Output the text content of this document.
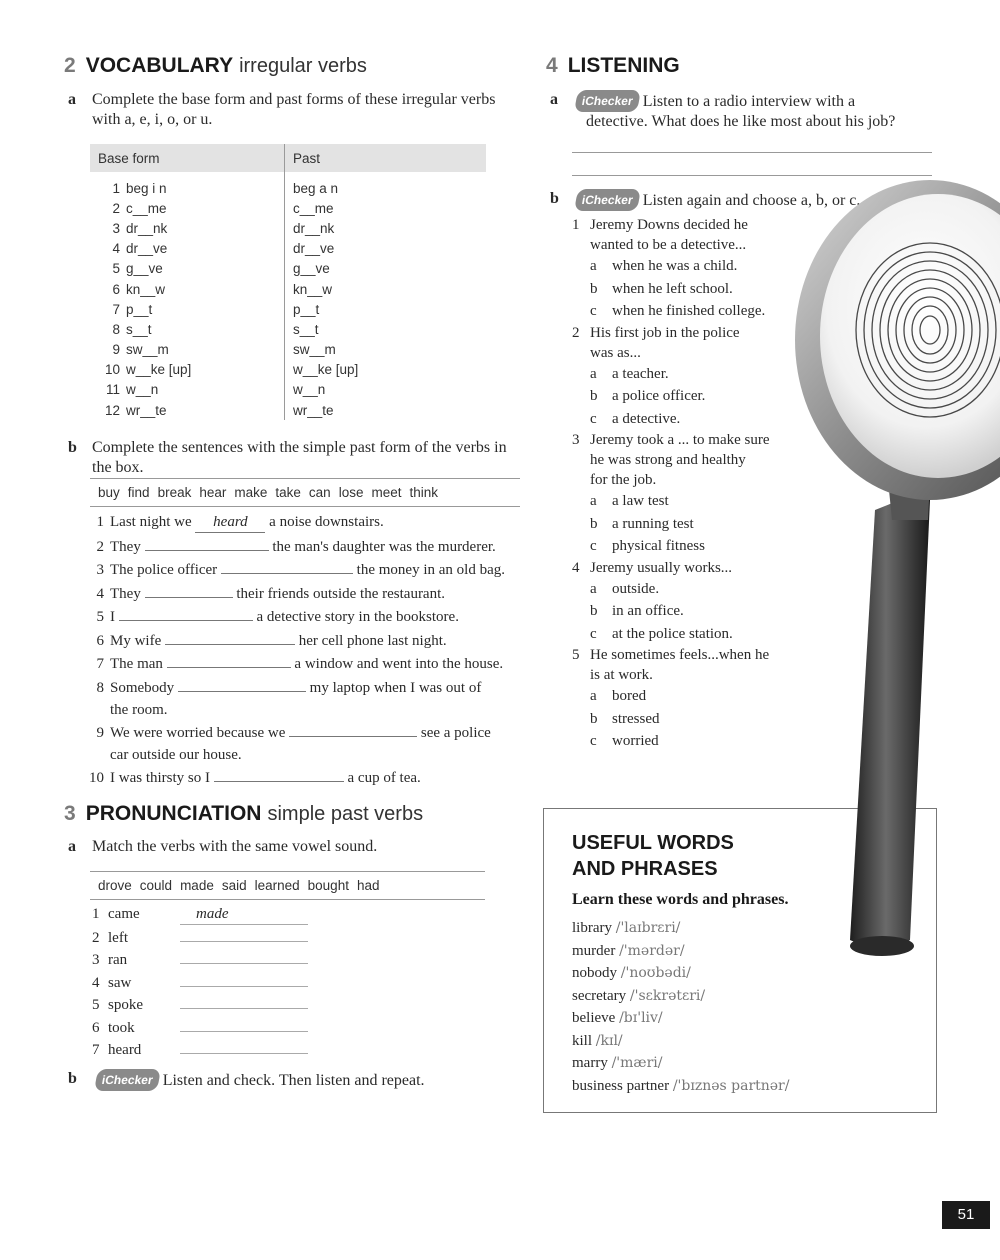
2 VOCABULARY irregular verbs
a Complete the base form and past forms of these irregular verbs with a, e, i, o, or u.
Base form	Past
1 beg i n	beg a n
2 c__me	c__me
3 dr__nk	dr__nk
4 dr__ve	dr__ve
5 g__ve	g__ve
6 kn__w	kn__w
7 p__t	p__t
8 s__t	s__t
9 sw__m	sw__m
10 w__ke [up]	w__ke [up]
11 w__n	w__n
12 wr__te	wr__te
b Complete the sentences with the simple past form of the verbs in the box.
buy find break hear make take can lose meet think
1 Last night we heard a noise downstairs.
2 They	the man's daughter was the murderer.
3 The police officer	the money in an old bag.
4 They	their friends outside the restaurant.
5 I	a detective story in the bookstore.
6 My wife	her cell phone last night.
7 The man	a window and went into the house.
8 Somebody	my laptop when I was out of
the room.
9 We were worried because we	see a police
car outside our house.
10 I was thirsty so I	a cup of tea.
3 PRONUNCIATION simple past verbs
a Match the verbs with the same vowel sound.
drove could made said learned bought had
1 came	made
2 left
3 ran
4 saw
5 spoke
6 took
7 heard
b	iChecker Listen and check. Then listen and repeat.
4 LISTENING
a	iChecker Listen to a radio interview with a
detective. What does he like most about his job?
b	iChecker Listen again and choose a, b, or c.
1 Jeremy Downs decided he
wanted to be a detective...
a when he was a child.
b when he left school.
c when he finished college.
2 His first job in the police
was as...
a a teacher.
b a police officer.
c a detective.
3 Jeremy took a ... to make sure
he was strong and healthy
for the job.
a a law test
b a running test
c physical fitness
4 Jeremy usually works...
a outside.
b in an office.
c at the police station.
5 He sometimes feels...when he
is at work.
a bored
b stressed
c worried
USEFUL WORDS
AND PHRASES
Learn these words and phrases.
library /'laɪbrɛri/
murder /'mərdər/
nobody /'noʊbədi/
secretary /'sɛkrətɛri/
believe /bɪ'liv/
kill /kɪl/
marry /'mæri/
business partner /'bɪznəs partnər/
51
